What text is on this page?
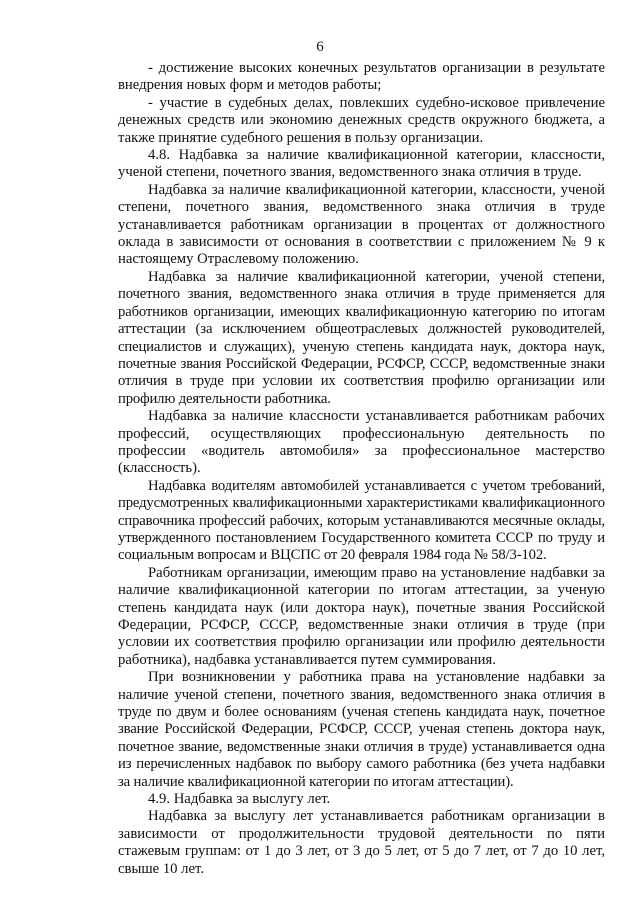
6

- достижение высоких конечных результатов организации в результате внедрения новых форм и методов работы;

- участие в судебных делах, повлекших судебно-исковое привлечение денежных средств или экономию денежных средств окружного бюджета, а также принятие судебного решения в пользу организации.

4.8. Надбавка за наличие квалификационной категории, классности, ученой степени, почетного звания, ведомственного знака отличия в труде.

Надбавка за наличие квалификационной категории, классности, ученой степени, почетного звания, ведомственного знака отличия в труде устанавливается работникам организации в процентах от должностного оклада в зависимости от основания в соответствии с приложением № 9 к настоящему Отраслевому положению.

Надбавка за наличие квалификационной категории, ученой степени, почетного звания, ведомственного знака отличия в труде применяется для работников организации, имеющих квалификационную категорию по итогам аттестации (за исключением общеотраслевых должностей руководителей, специалистов и служащих), ученую степень кандидата наук, доктора наук, почетные звания Российской Федерации, РСФСР, СССР, ведомственные знаки отличия в труде при условии их соответствия профилю организации или профилю деятельности работника.

Надбавка за наличие классности устанавливается работникам рабочих профессий, осуществляющих профессиональную деятельность по профессии «водитель автомобиля» за профессиональное мастерство (классность).

Надбавка водителям автомобилей устанавливается с учетом требований, предусмотренных квалификационными характеристиками квалификационного справочника профессий рабочих, которым устанавливаются месячные оклады, утвержденного постановлением Государственного комитета СССР по труду и социальным вопросам и ВЦСПС от 20 февраля 1984 года № 58/3-102.

Работникам организации, имеющим право на установление надбавки за наличие квалификационной категории по итогам аттестации, за ученую степень кандидата наук (или доктора наук), почетные звания Российской Федерации, РСФСР, СССР, ведомственные знаки отличия в труде (при условии их соответствия профилю организации или профилю деятельности работника), надбавка устанавливается путем суммирования.

При возникновении у работника права на установление надбавки за наличие ученой степени, почетного звания, ведомственного знака отличия в труде по двум и более основаниям (ученая степень кандидата наук, почетное звание Российской Федерации, РСФСР, СССР, ученая степень доктора наук, почетное звание, ведомственные знаки отличия в труде) устанавливается одна из перечисленных надбавок по выбору самого работника (без учета надбавки за наличие квалификационной категории по итогам аттестации).

4.9. Надбавка за выслугу лет.

Надбавка за выслугу лет устанавливается работникам организации в зависимости от продолжительности трудовой деятельности по пяти стажевым группам: от 1 до 3 лет, от 3 до 5 лет, от 5 до 7 лет, от 7 до 10 лет, свыше 10 лет.
